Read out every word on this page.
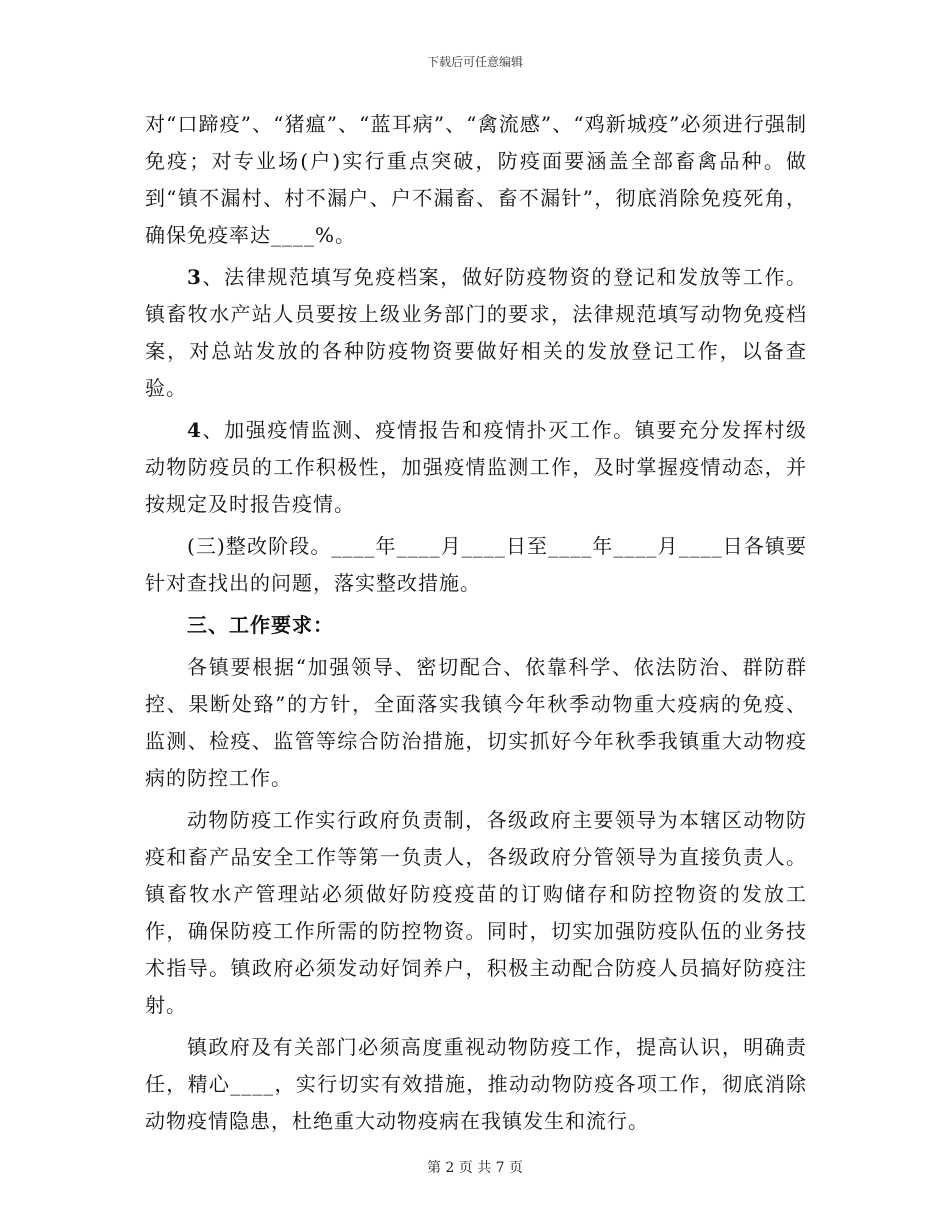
下载后可任意编辑

对“口蹄疫”、“猪瘟”、“蓝耳病”、“禽流感”、“鸡新城疫”必须进行强制免疫；对专业场(户)实行重点突破，防疫面要涵盖全部畜禽品种。做到“镇不漏村、村不漏户、户不漏畜、畜不漏针”，彻底消除免疫死角，确保免疫率达____%。

3、法律规范填写免疫档案，做好防疫物资的登记和发放等工作。镇畜牧水产站人员要按上级业务部门的要求，法律规范填写动物免疫档案，对总站发放的各种防疫物资要做好相关的发放登记工作，以备查验。

4、加强疫情监测、疫情报告和疫情扑灭工作。镇要充分发挥村级动物防疫员的工作积极性，加强疫情监测工作，及时掌握疫情动态，并按规定及时报告疫情。

(三)整改阶段。____年____月____日至____年____月____日各镇要针对查找出的问题，落实整改措施。

三、工作要求：

各镇要根据“加强领导、密切配合、依靠科学、依法防治、群防群控、果断处臵”的方针，全面落实我镇今年秋季动物重大疫病的免疫、监测、检疫、监管等综合防治措施，切实抓好今年秋季我镇重大动物疫病的防控工作。

动物防疫工作实行政府负责制，各级政府主要领导为本辖区动物防疫和畜产品安全工作等第一负责人，各级政府分管领导为直接负责人。镇畜牧水产管理站必须做好防疫疫苗的订购储存和防控物资的发放工作，确保防疫工作所需的防控物资。同时，切实加强防疫队伍的业务技术指导。镇政府必须发动好饲养户，积极主动配合防疫人员搞好防疫注射。

镇政府及有关部门必须高度重视动物防疫工作，提高认识，明确责任，精心____，实行切实有效措施，推动动物防疫各项工作，彻底消除动物疫情隐患，杜绝重大动物疫病在我镇发生和流行。

第 2 页 共 7 页
